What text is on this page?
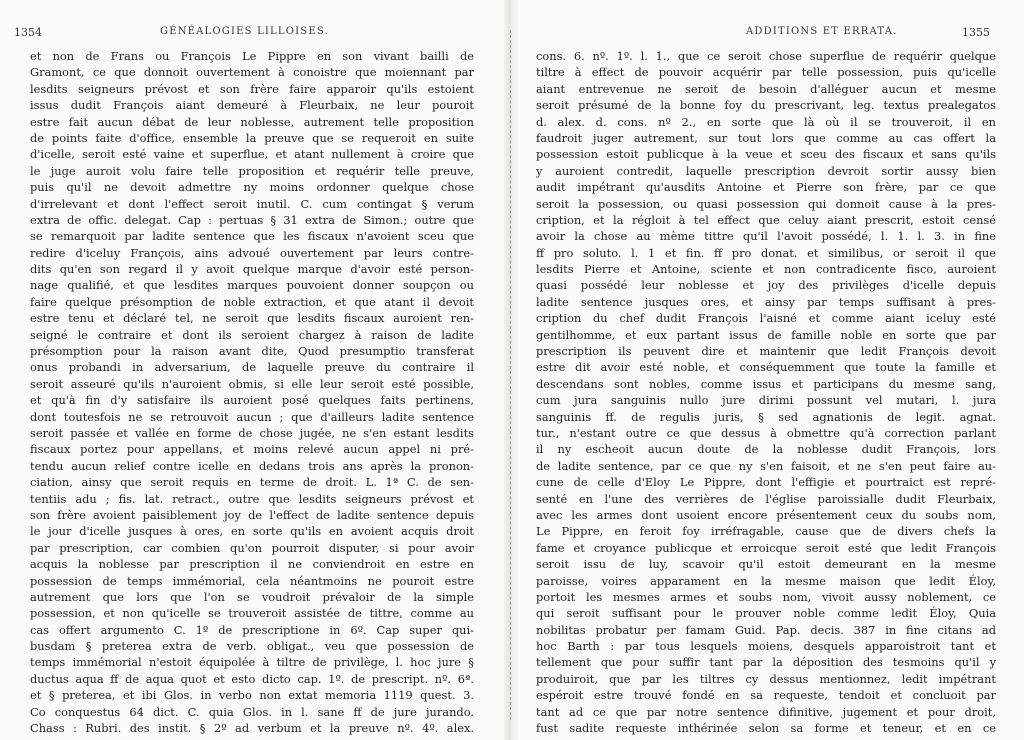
1354	GÉNÉALOGIES LILLOISES.
et non de Frans ou François Le Pippre en son vivant bailli de
Gramont, ce que donnoit ouvertement à conoistre que moiennant par
lesdits seigneurs prévost et son frère faire apparoir qu'ils estoient
issus dudit François aiant demeuré à Fleurbaix, ne leur pouroit
estre fait aucun débat de leur noblesse, autrement telle proposition
de points faite d'office, ensemble la preuve que se requeroit en suite
d'icelle, seroit esté vaine et superflue, et atant nullement à croire que
le juge auroit volu faire telle proposition et requérir telle preuve,
puis qu'il ne devoit admettre ny moins ordonner quelque chose
d'irrelevant et dont l'effect seroit inutil. C. cum contingat § verum
extra de offic. delegat. Cap : pertuas § 31 extra de Simon.; outre que
se remarquoit par ladite sentence que les fiscaux n'avoient sceu que
redire d'iceluy François, ains advoué ouvertement par leurs contre-
dits qu'en son regard il y avoit quelque marque d'avoir esté person-
nage qualifié, et que lesdites marques pouvoient donner soupçon ou
faire quelque présomption de noble extraction, et que atant il devoit
estre tenu et déclaré tel, ne seroit que lesdits fiscaux auroient ren-
seigné le contraire et dont ils seroient chargez à raison de ladite
présomption pour la raison avant dite, Quod presumptio transferat
onus probandi in adversarium, de laquelle preuve du contraire il
seroit asseuré qu'ils n'auroient obmis, si elle leur seroit esté possible,
et qu'à fin d'y satisfaire ils auroient posé quelques faits pertinens,
dont toutesfois ne se retrouvoit aucun ; que d'ailleurs ladite sentence
seroit passée et vallée en forme de chose jugée, ne s'en estant lesdits
fiscaux portez pour appellans, et moins relevé aucun appel ni pré-
tendu aucun relief contre icelle en dedans trois ans après la pronon-
ciation, ainsy que seroit requis en terme de droit. L. 1ª C. de sen-
tentiis adu ; fis. lat. retract., outre que lesdits seigneurs prévost et
son frère avoient paisiblement joy de l'effect de ladite sentence depuis
le jour d'icelle jusques à ores, en sorte qu'ils en avoient acquis droit
par prescription, car combien qu'on pourroit disputer, si pour avoir
acquis la noblesse par prescription il ne conviendroit en estre en
possession de temps immémorial, cela néantmoins ne pouroit estre
autrement que lors que l'on se voudroit prévaloir de la simple
possession, et non qu'icelle se trouveroit assistée de tittre, comme au
cas offert argumento C. 1º de prescriptione in 6º. Cap super qui-
busdam § preterea extra de verb. obligat., veu que possession de
temps immémorial n'estoit équipolée à tiltre de privilège, l. hoc jure §
ductus aqua ff de aqua quot et esto dicto cap. 1º. de prescript. nº. 6ª.
et § preterea, et ibi Glos. in verbo non extat memoria 1119 quest. 3.
Co conquestus 64 dict. C. quia Glos. in l. sane ff de jure jurando.
Chass : Rubri. des instit. § 2º ad verbum et la preuve nº. 4º. alex.
ADDITIONS ET ERRATA.	1355
cons. 6. nº. 1º. l. 1., que ce seroit chose superflue de requérir quelque
tiltre à effect de pouvoir acquérir par telle possession, puis qu'icelle
aiant entrevenue ne seroit de besoin d'alléguer aucun et mesme
seroit présumé de la bonne foy du prescrivant, leg. textus prealegatos
d. alex. d. cons. nº 2., en sorte que là où il se trouveroit, il en
faudroit juger autrement, sur tout lors que comme au cas offert la
possession estoit publicque à la veue et sceu des fiscaux et sans qu'ils
y auroient contredit, laquelle prescription devroit sortir aussy bien
audit impétrant qu'ausdits Antoine et Pierre son frère, par ce que
seroit la possession, ou quasi possession qui donnoit cause à la pres-
cription, et la régloit à tel effect que celuy aiant prescrit, estoit censé
avoir la chose au mème tittre qu'il l'avoit possédé, l. 1. l. 3. in fine
ff pro soluto. l. 1 et fin. ff pro donat. et similibus, or seroit il que
lesdits Pierre et Antoine, sciente et non contradicente fisco, auroient
quasi possédé leur noblesse et joy des privilèges d'icelle depuis
ladite sentence jusques ores, et ainsy par temps suffisant à pres-
cription du chef dudit François l'aisné et comme aiant iceluy esté
gentilhomme, et eux partant issus de famille noble en sorte que par
prescription ils peuvent dire et maintenir que ledit François devoit
estre dit avoir esté noble, et conséquemment que toute la famille et
descendans sont nobles, comme issus et participans du mesme sang,
cum jura sanguinis nullo jure dirimi possunt vel mutari, l. jura
sanguinis ff. de regulis juris, § sed agnationis de legit. agnat.
tur., n'estant outre ce que dessus à obmettre qu'à correction parlant
il ny escheoit aucun doute de la noblesse dudit François, lors
de ladite sentence, par ce que ny s'en faisoit, et ne s'en peut faire au-
cune de celle d'Eloy Le Pippre, dont l'effigie et pourtraict est repré-
senté en l'une des verrières de l'église paroissialle dudit Fleurbaix,
avec les armes dont usoient encore présentement ceux du soubs nom,
Le Pippre, en feroit foy irréfragable, cause que de divers chefs la
fame et croyance publicque et erroicque seroit esté que ledit François
seroit issu de luy, scavoir qu'il estoit demeurant en la mesme
paroisse, voires apparament en la mesme maison que ledit Éloy,
portoit les mesmes armes et soubs nom, vivoit aussy noblement, ce
qui seroit suffisant pour le prouver noble comme ledit Éloy, Quia
nobilitas probatur per famam Guid. Pap. decis. 387 in fine citans ad
hoc Barth : par tous lesquels moiens, desquels apparoistroit tant et
tellement que pour suffir tant par la déposition des tesmoins qu'il y
produiroit, que par les tiltres cy dessus mentionnez, ledit impétrant
espéroit estre trouvé fondé en sa requeste, tendoit et concluoit par
tant ad ce que par notre sentence difinitive, jugement et pour droit,
fust sadite requeste inthérinée selon sa forme et teneur, et en ce
